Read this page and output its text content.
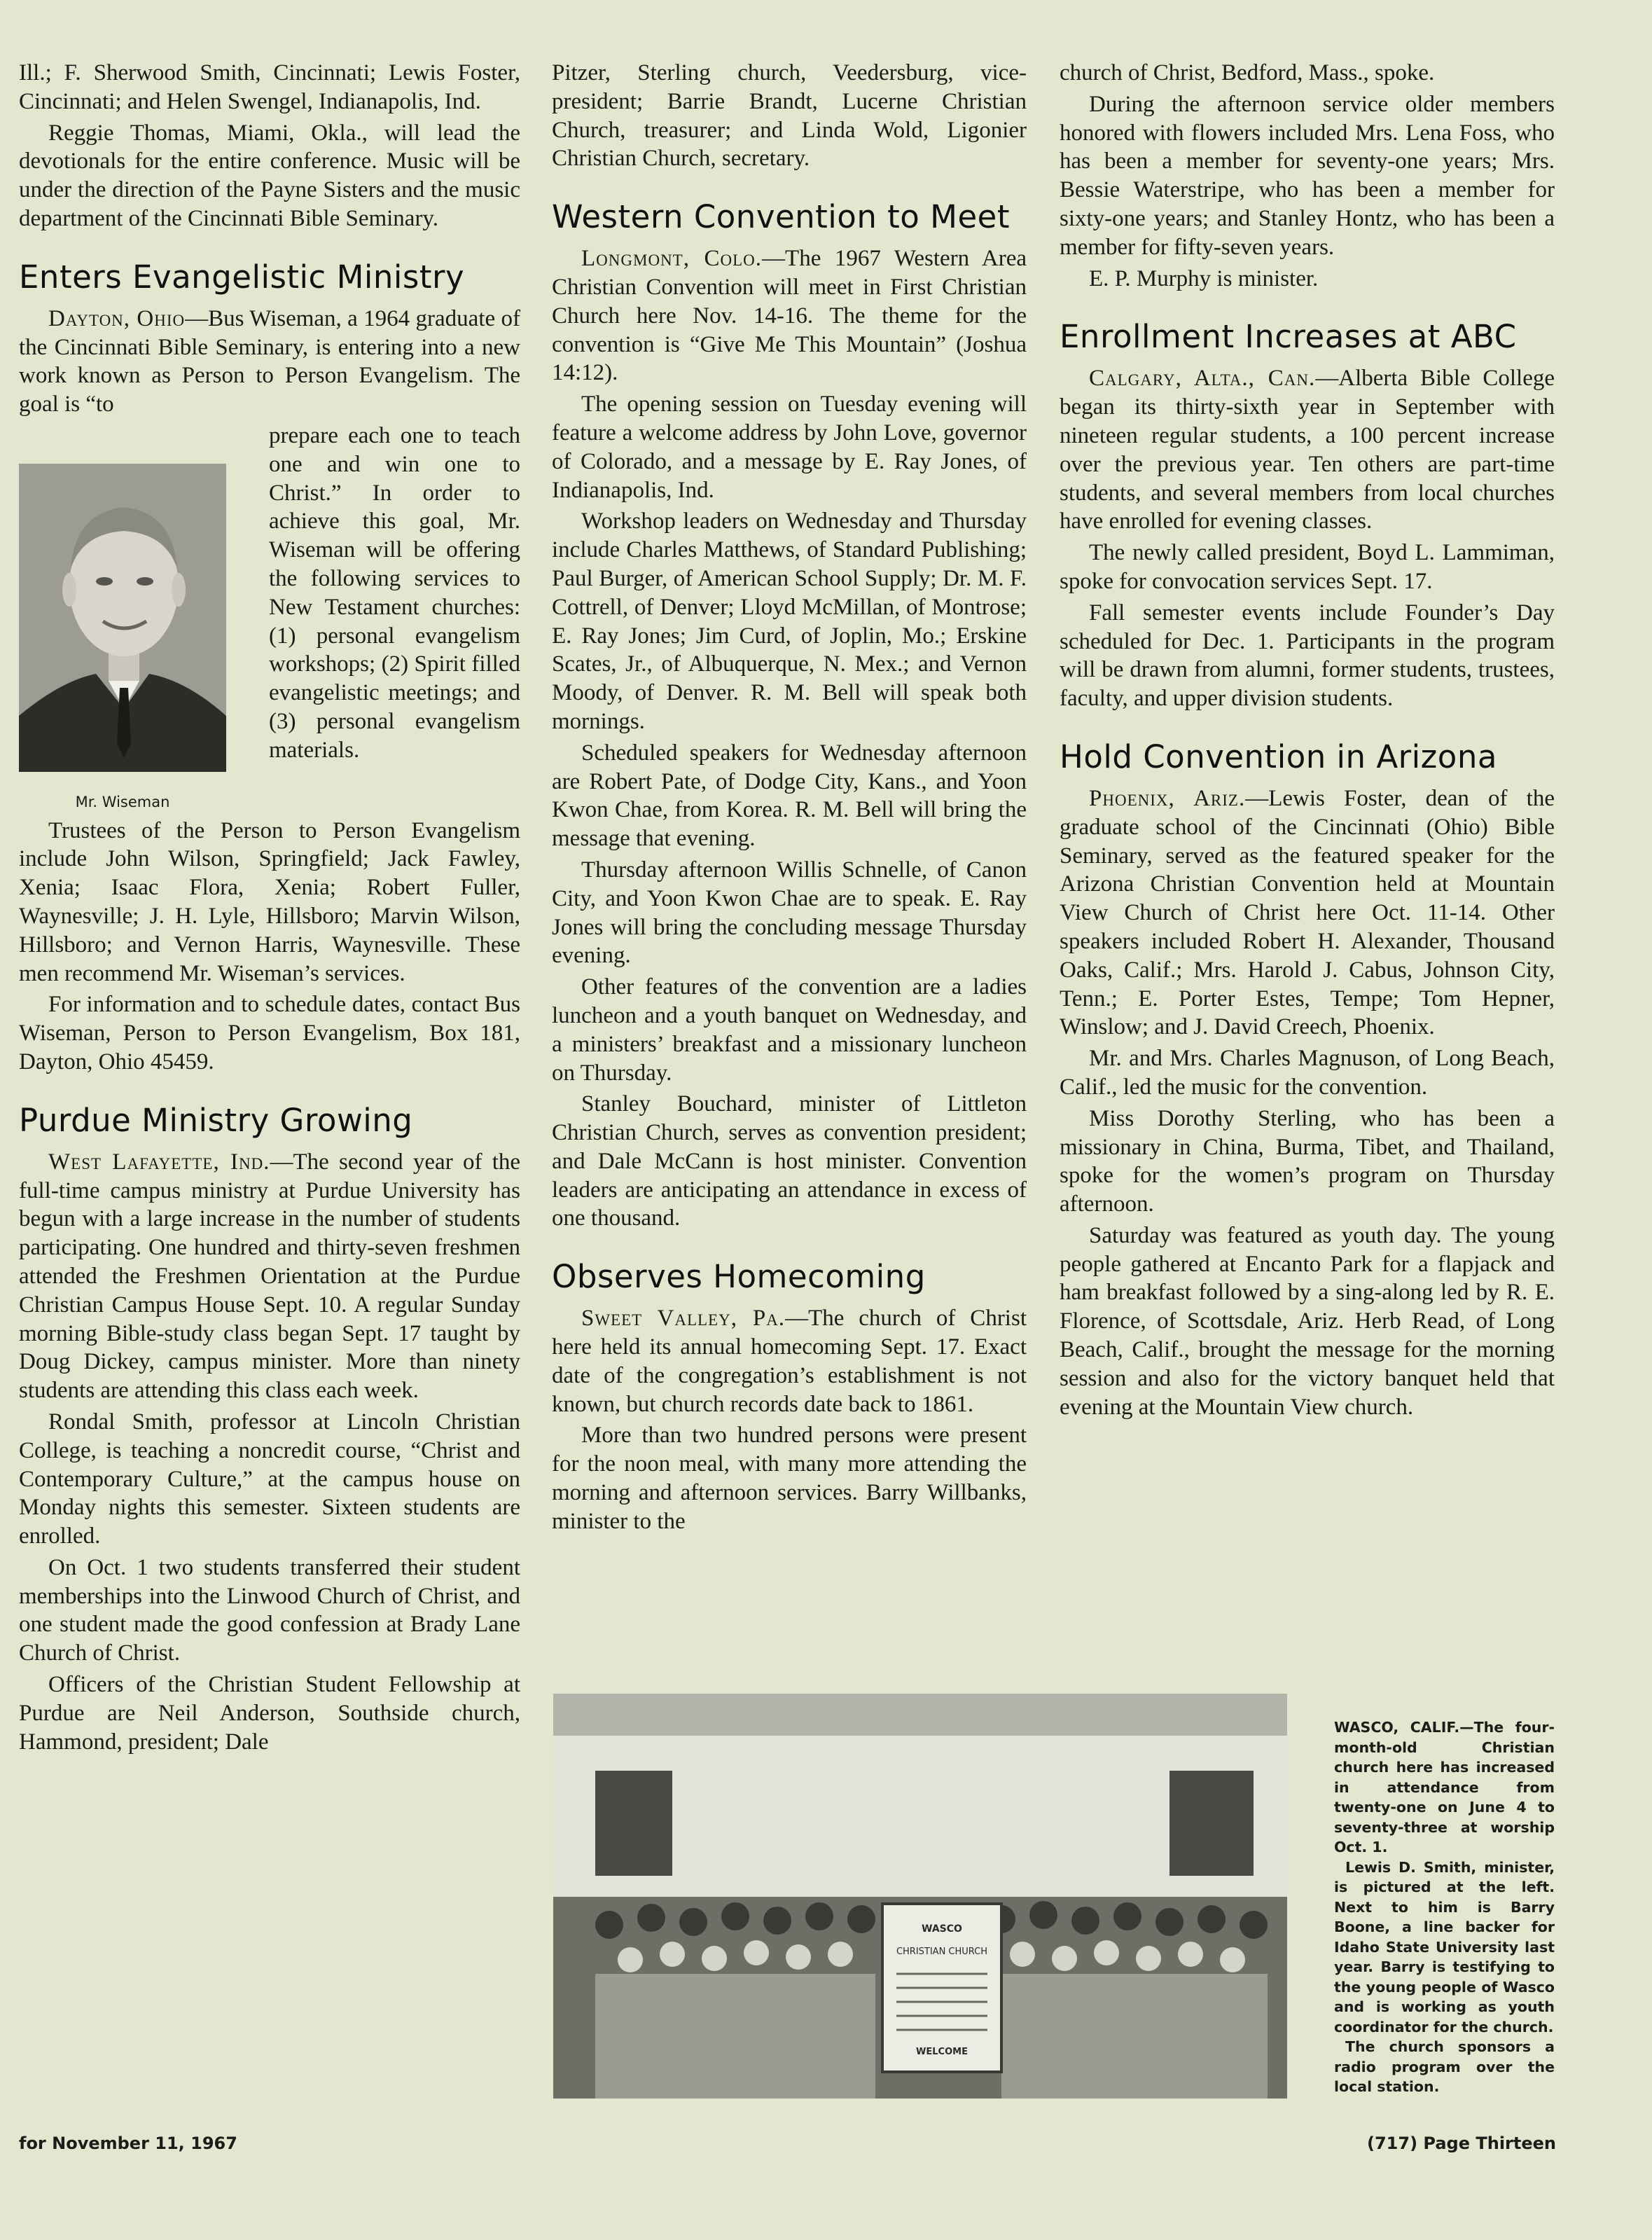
Ill.; F. Sherwood Smith, Cincinnati; Lewis Foster, Cincinnati; and Helen Swengel, Indianapolis, Ind.

Reggie Thomas, Miami, Okla., will lead the devotionals for the entire conference. Music will be under the direction of the Payne Sisters and the music department of the Cincinnati Bible Seminary.

Enters Evangelistic Ministry

Dayton, Ohio—Bus Wiseman, a 1964 graduate of the Cincinnati Bible Seminary, is entering into a new work known as Person to Person Evangelism. The goal is “to

Mr. Wiseman

prepare each one to teach one and win one to Christ.” In order to achieve this goal, Mr. Wiseman will be offering the following services to New Testament churches: (1) personal evangelism workshops; (2) Spirit filled evangelistic meetings; and (3) personal evangelism materials.

Trustees of the Person to Person Evangelism include John Wilson, Springfield; Jack Fawley, Xenia; Isaac Flora, Xenia; Robert Fuller, Waynesville; J. H. Lyle, Hillsboro; Marvin Wilson, Hillsboro; and Vernon Harris, Waynesville. These men recommend Mr. Wiseman’s services.

For information and to schedule dates, contact Bus Wiseman, Person to Person Evangelism, Box 181, Dayton, Ohio 45459.

Purdue Ministry Growing

West Lafayette, Ind.—The second year of the full-time campus ministry at Purdue University has begun with a large increase in the number of students participating. One hundred and thirty-seven freshmen attended the Freshmen Orientation at the Purdue Christian Campus House Sept. 10. A regular Sunday morning Bible-study class began Sept. 17 taught by Doug Dickey, campus minister. More than ninety students are attending this class each week.

Rondal Smith, professor at Lincoln Christian College, is teaching a noncredit course, “Christ and Contemporary Culture,” at the campus house on Monday nights this semester. Sixteen students are enrolled.

On Oct. 1 two students transferred their student memberships into the Linwood Church of Christ, and one student made the good confession at Brady Lane Church of Christ.

Officers of the Christian Student Fellowship at Purdue are Neil Anderson, Southside church, Hammond, president; Dale

Pitzer, Sterling church, Veedersburg, vice-president; Barrie Brandt, Lucerne Christian Church, treasurer; and Linda Wold, Ligonier Christian Church, secretary.

Western Convention to Meet

Longmont, Colo.—The 1967 Western Area Christian Convention will meet in First Christian Church here Nov. 14-16. The theme for the convention is “Give Me This Mountain” (Joshua 14:12).

The opening session on Tuesday evening will feature a welcome address by John Love, governor of Colorado, and a message by E. Ray Jones, of Indianapolis, Ind.

Workshop leaders on Wednesday and Thursday include Charles Matthews, of Standard Publishing; Paul Burger, of American School Supply; Dr. M. F. Cottrell, of Denver; Lloyd McMillan, of Montrose; E. Ray Jones; Jim Curd, of Joplin, Mo.; Erskine Scates, Jr., of Albuquerque, N. Mex.; and Vernon Moody, of Denver. R. M. Bell will speak both mornings.

Scheduled speakers for Wednesday afternoon are Robert Pate, of Dodge City, Kans., and Yoon Kwon Chae, from Korea. R. M. Bell will bring the message that evening.

Thursday afternoon Willis Schnelle, of Canon City, and Yoon Kwon Chae are to speak. E. Ray Jones will bring the concluding message Thursday evening.

Other features of the convention are a ladies luncheon and a youth banquet on Wednesday, and a ministers’ breakfast and a missionary luncheon on Thursday.

Stanley Bouchard, minister of Littleton Christian Church, serves as convention president; and Dale McCann is host minister. Convention leaders are anticipating an attendance in excess of one thousand.

Observes Homecoming

Sweet Valley, Pa.—The church of Christ here held its annual homecoming Sept. 17. Exact date of the congregation’s establishment is not known, but church records date back to 1861.

More than two hundred persons were present for the noon meal, with many more attending the morning and afternoon services. Barry Willbanks, minister to the

church of Christ, Bedford, Mass., spoke.

During the afternoon service older members honored with flowers included Mrs. Lena Foss, who has been a member for seventy-one years; Mrs. Bessie Waterstripe, who has been a member for sixty-one years; and Stanley Hontz, who has been a member for fifty-seven years.

E. P. Murphy is minister.

Enrollment Increases at ABC

Calgary, Alta., Can.—Alberta Bible College began its thirty-sixth year in September with nineteen regular students, a 100 percent increase over the previous year. Ten others are part-time students, and several members from local churches have enrolled for evening classes.

The newly called president, Boyd L. Lammiman, spoke for convocation services Sept. 17.

Fall semester events include Founder’s Day scheduled for Dec. 1. Participants in the program will be drawn from alumni, former students, trustees, faculty, and upper division students.

Hold Convention in Arizona

Phoenix, Ariz.—Lewis Foster, dean of the graduate school of the Cincinnati (Ohio) Bible Seminary, served as the featured speaker for the Arizona Christian Convention held at Mountain View Church of Christ here Oct. 11-14. Other speakers included Robert H. Alexander, Thousand Oaks, Calif.; Mrs. Harold J. Cabus, Johnson City, Tenn.; E. Porter Estes, Tempe; Tom Hepner, Winslow; and J. David Creech, Phoenix.

Mr. and Mrs. Charles Magnuson, of Long Beach, Calif., led the music for the convention.

Miss Dorothy Sterling, who has been a missionary in China, Burma, Tibet, and Thailand, spoke for the women’s program on Thursday afternoon.

Saturday was featured as youth day. The young people gathered at Encanto Park for a flapjack and ham breakfast followed by a sing-along led by R. E. Florence, of Scottsdale, Ariz. Herb Read, of Long Beach, Calif., brought the message for the morning session and also for the victory banquet held that evening at the Mountain View church.

WASCO
CHRISTIAN CHURCH
WELCOME

WASCO, CALIF.—The four-month-old Christian church here has increased in attendance from twenty-one on June 4 to seventy-three at worship Oct. 1.

Lewis D. Smith, minister, is pictured at the left. Next to him is Barry Boone, a line backer for Idaho State University last year. Barry is testifying to the young people of Wasco and is working as youth coordinator for the church.

The church sponsors a radio program over the local station.

for November 11, 1967	(717) Page Thirteen
